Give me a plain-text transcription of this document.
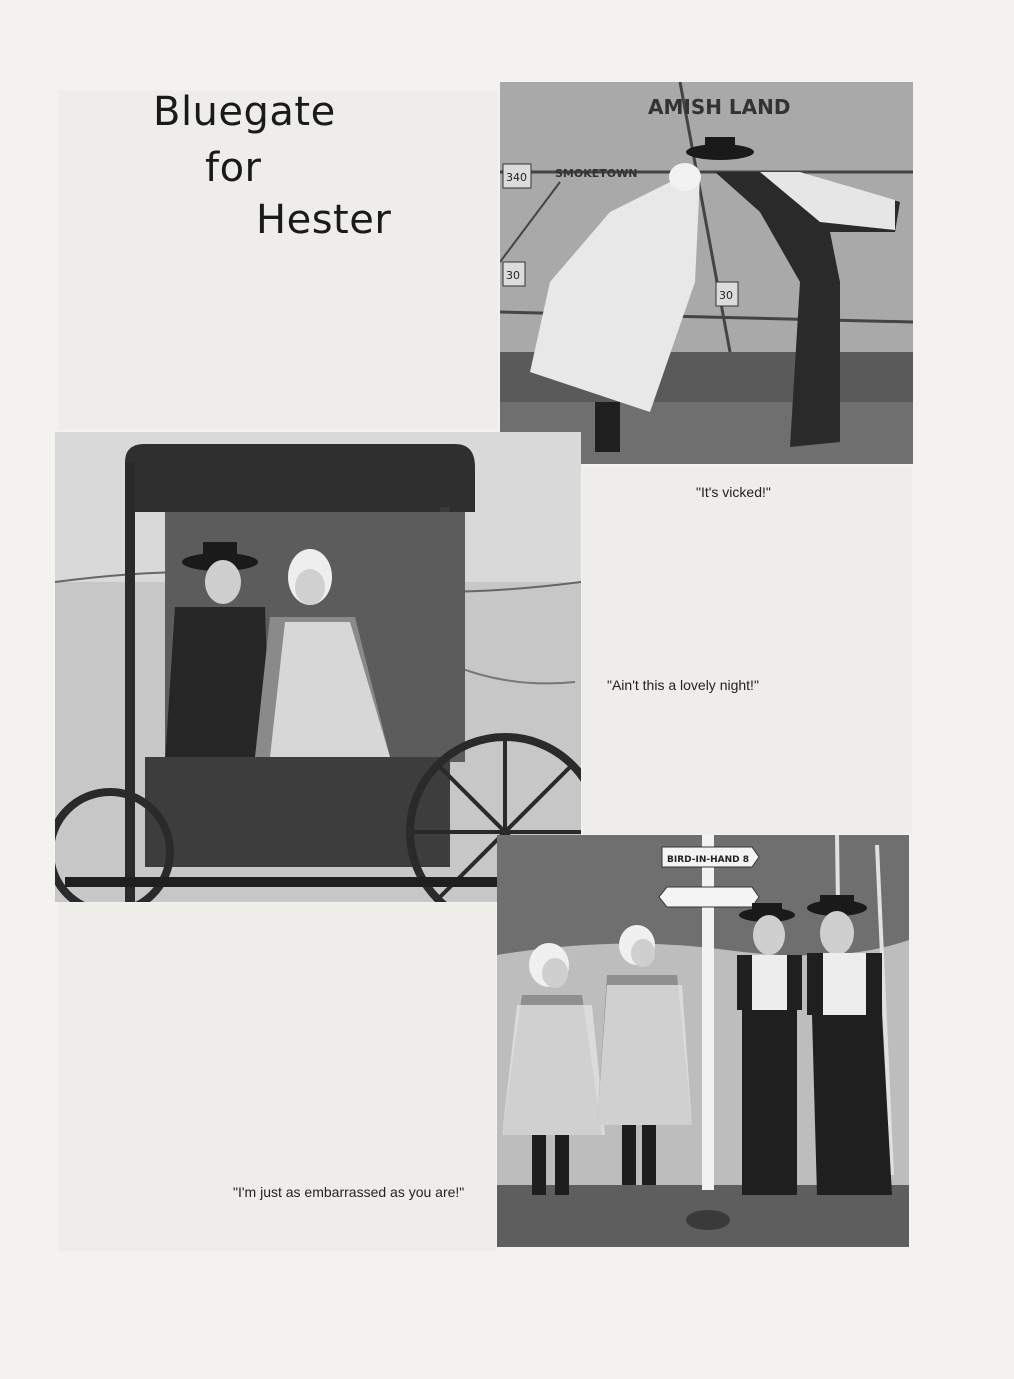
Bluegate
for
Hester
AMISH LAND
SMOKETOWN
340
30
30
BIRD-IN-HAND 8
"It's vicked!"
"Ain't this a lovely night!"
"I'm just as embarrassed as you are!"
